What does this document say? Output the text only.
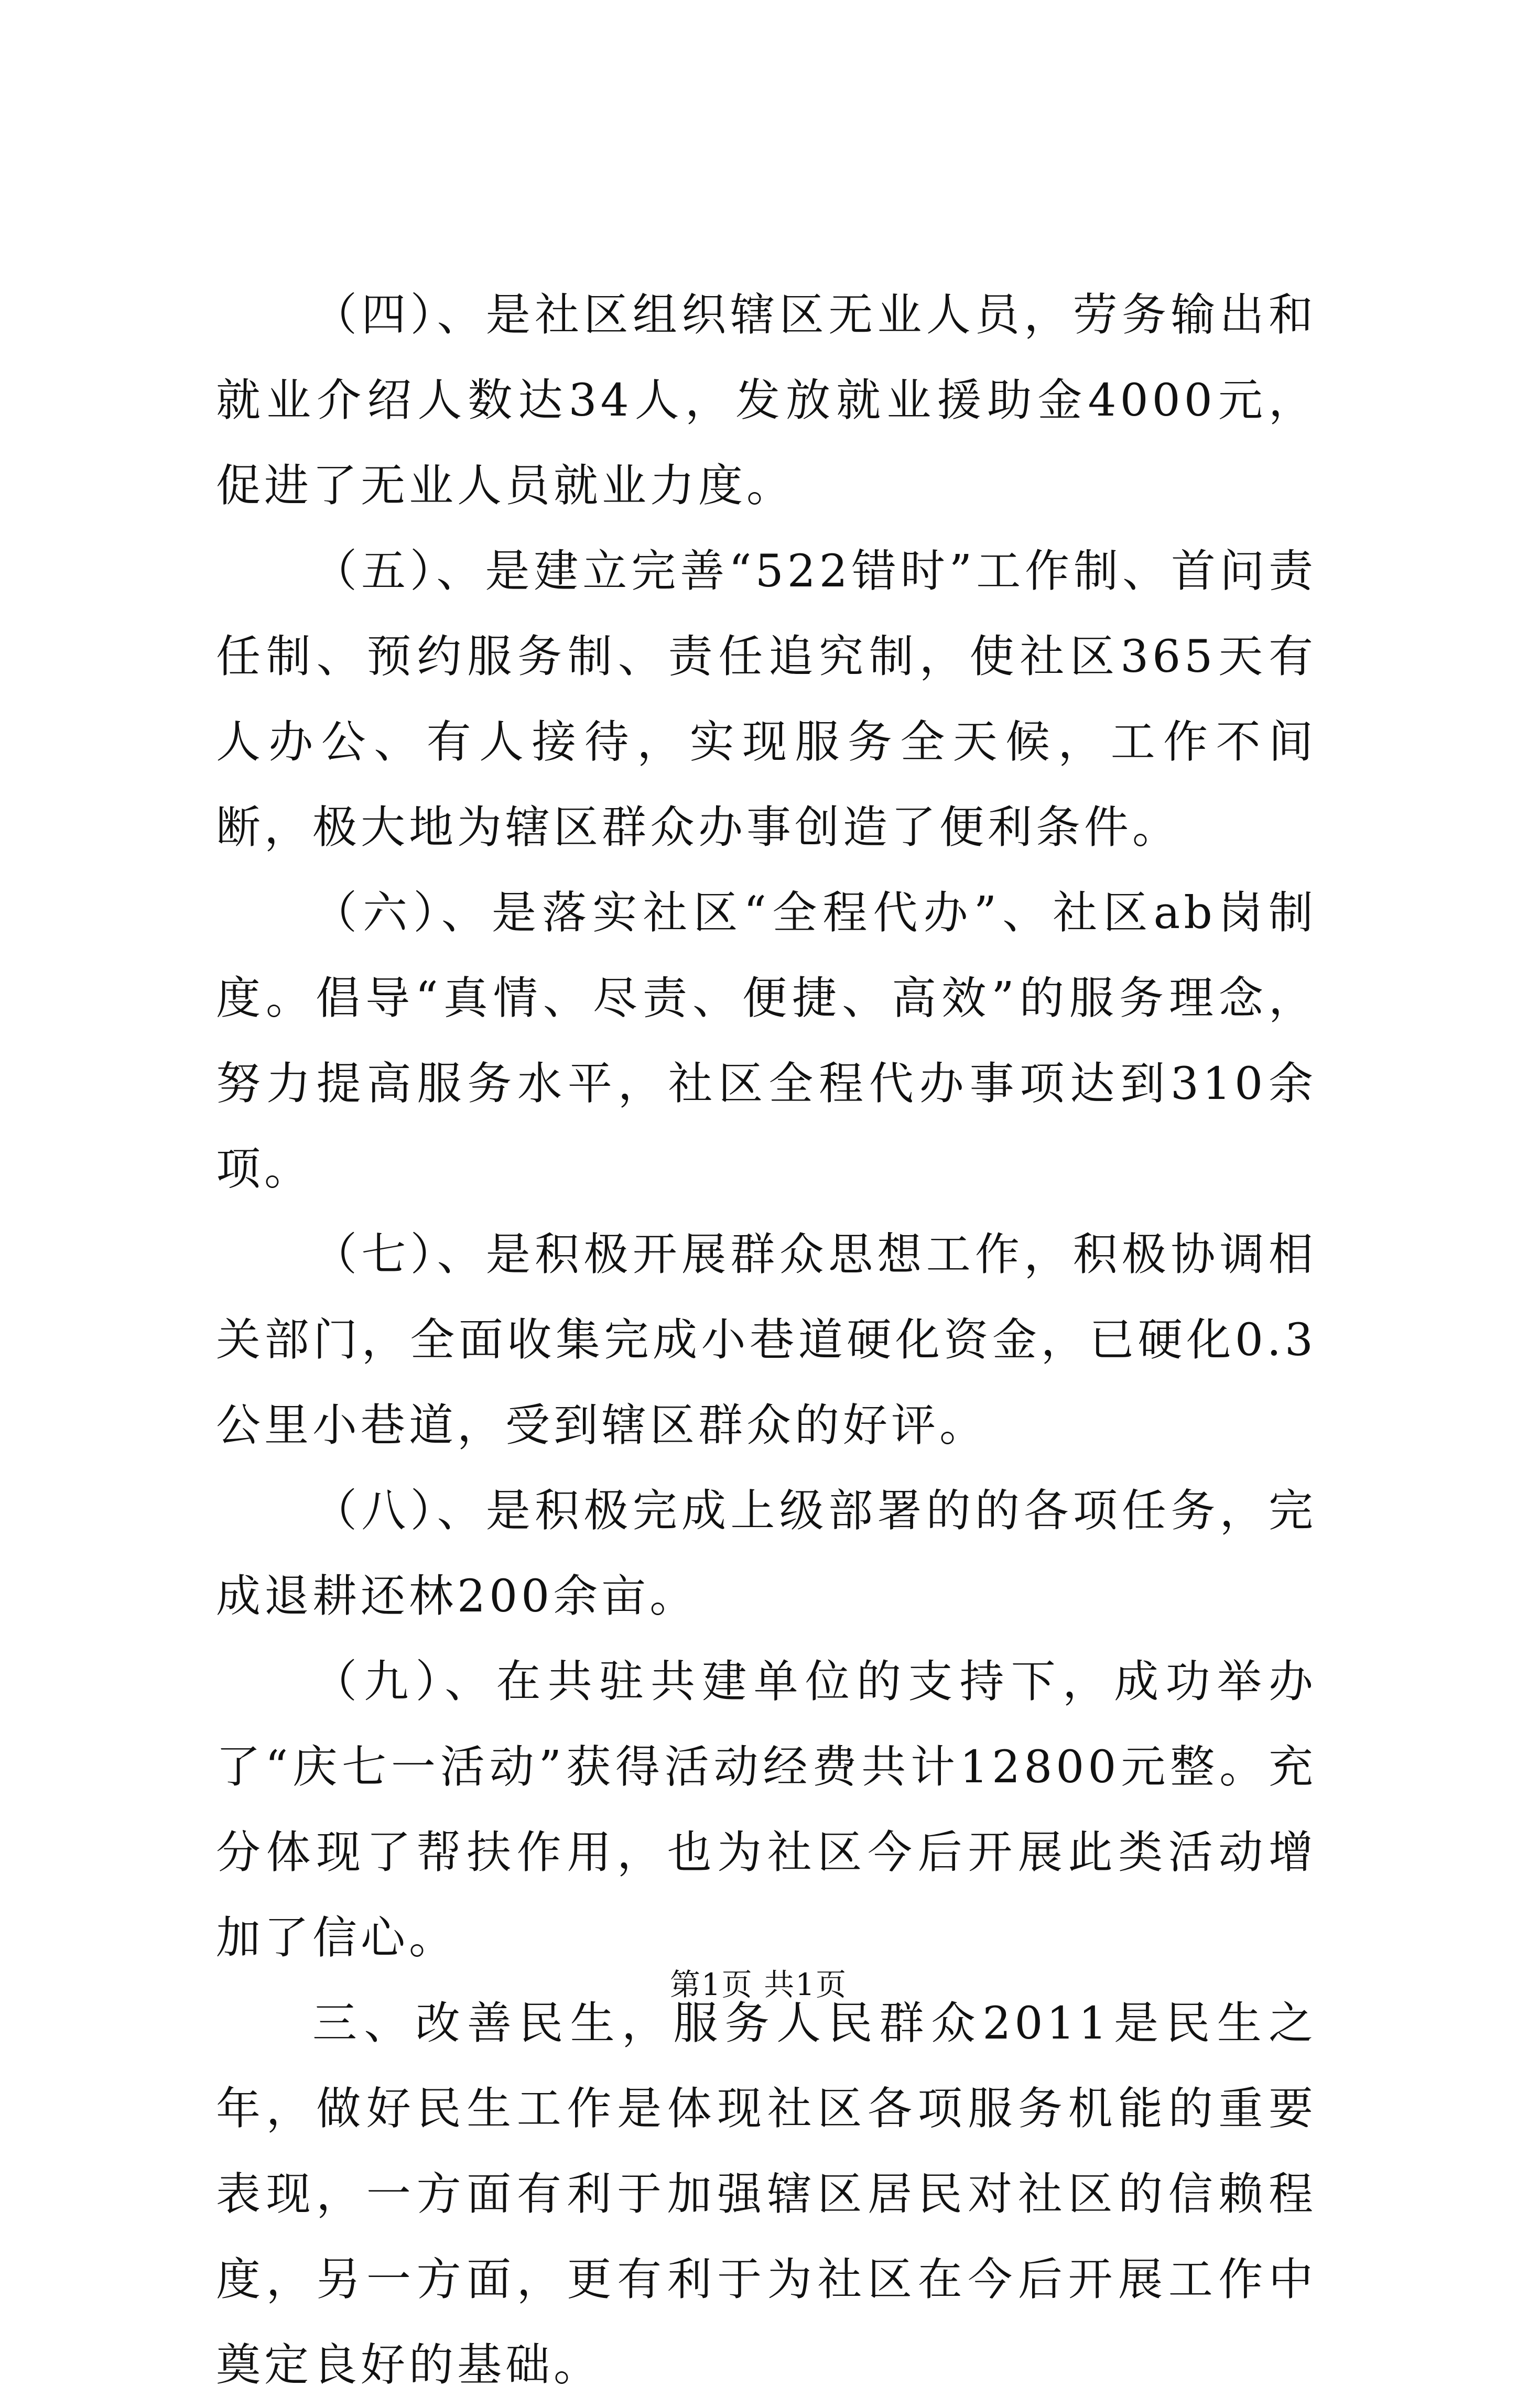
（四）、是社区组织辖区无业人员，劳务输出和就业介绍人数达34人，发放就业援助金4000元，促进了无业人员就业力度。

（五）、是建立完善“522错时”工作制、首问责任制、预约服务制、责任追究制，使社区365天有人办公、有人接待，实现服务全天候，工作不间断，极大地为辖区群众办事创造了便利条件。

（六）、是落实社区“全程代办”、社区ab岗制度。倡导“真情、尽责、便捷、高效”的服务理念，努力提高服务水平，社区全程代办事项达到310余项。

（七）、是积极开展群众思想工作，积极协调相关部门，全面收集完成小巷道硬化资金，已硬化0.3公里小巷道，受到辖区群众的好评。

（八）、是积极完成上级部署的的各项任务，完成退耕还林200余亩。

（九）、在共驻共建单位的支持下，成功举办了“庆七一活动”获得活动经费共计12800元整。充分体现了帮扶作用，也为社区今后开展此类活动增加了信心。

三、改善民生，服务人民群众2011是民生之年，做好民生工作是体现社区各项服务机能的重要表现，一方面有利于加强辖区居民对社区的信赖程度，另一方面，更有利于为社区在今后开展工作中奠定良好的基础。

第1页 共1页
